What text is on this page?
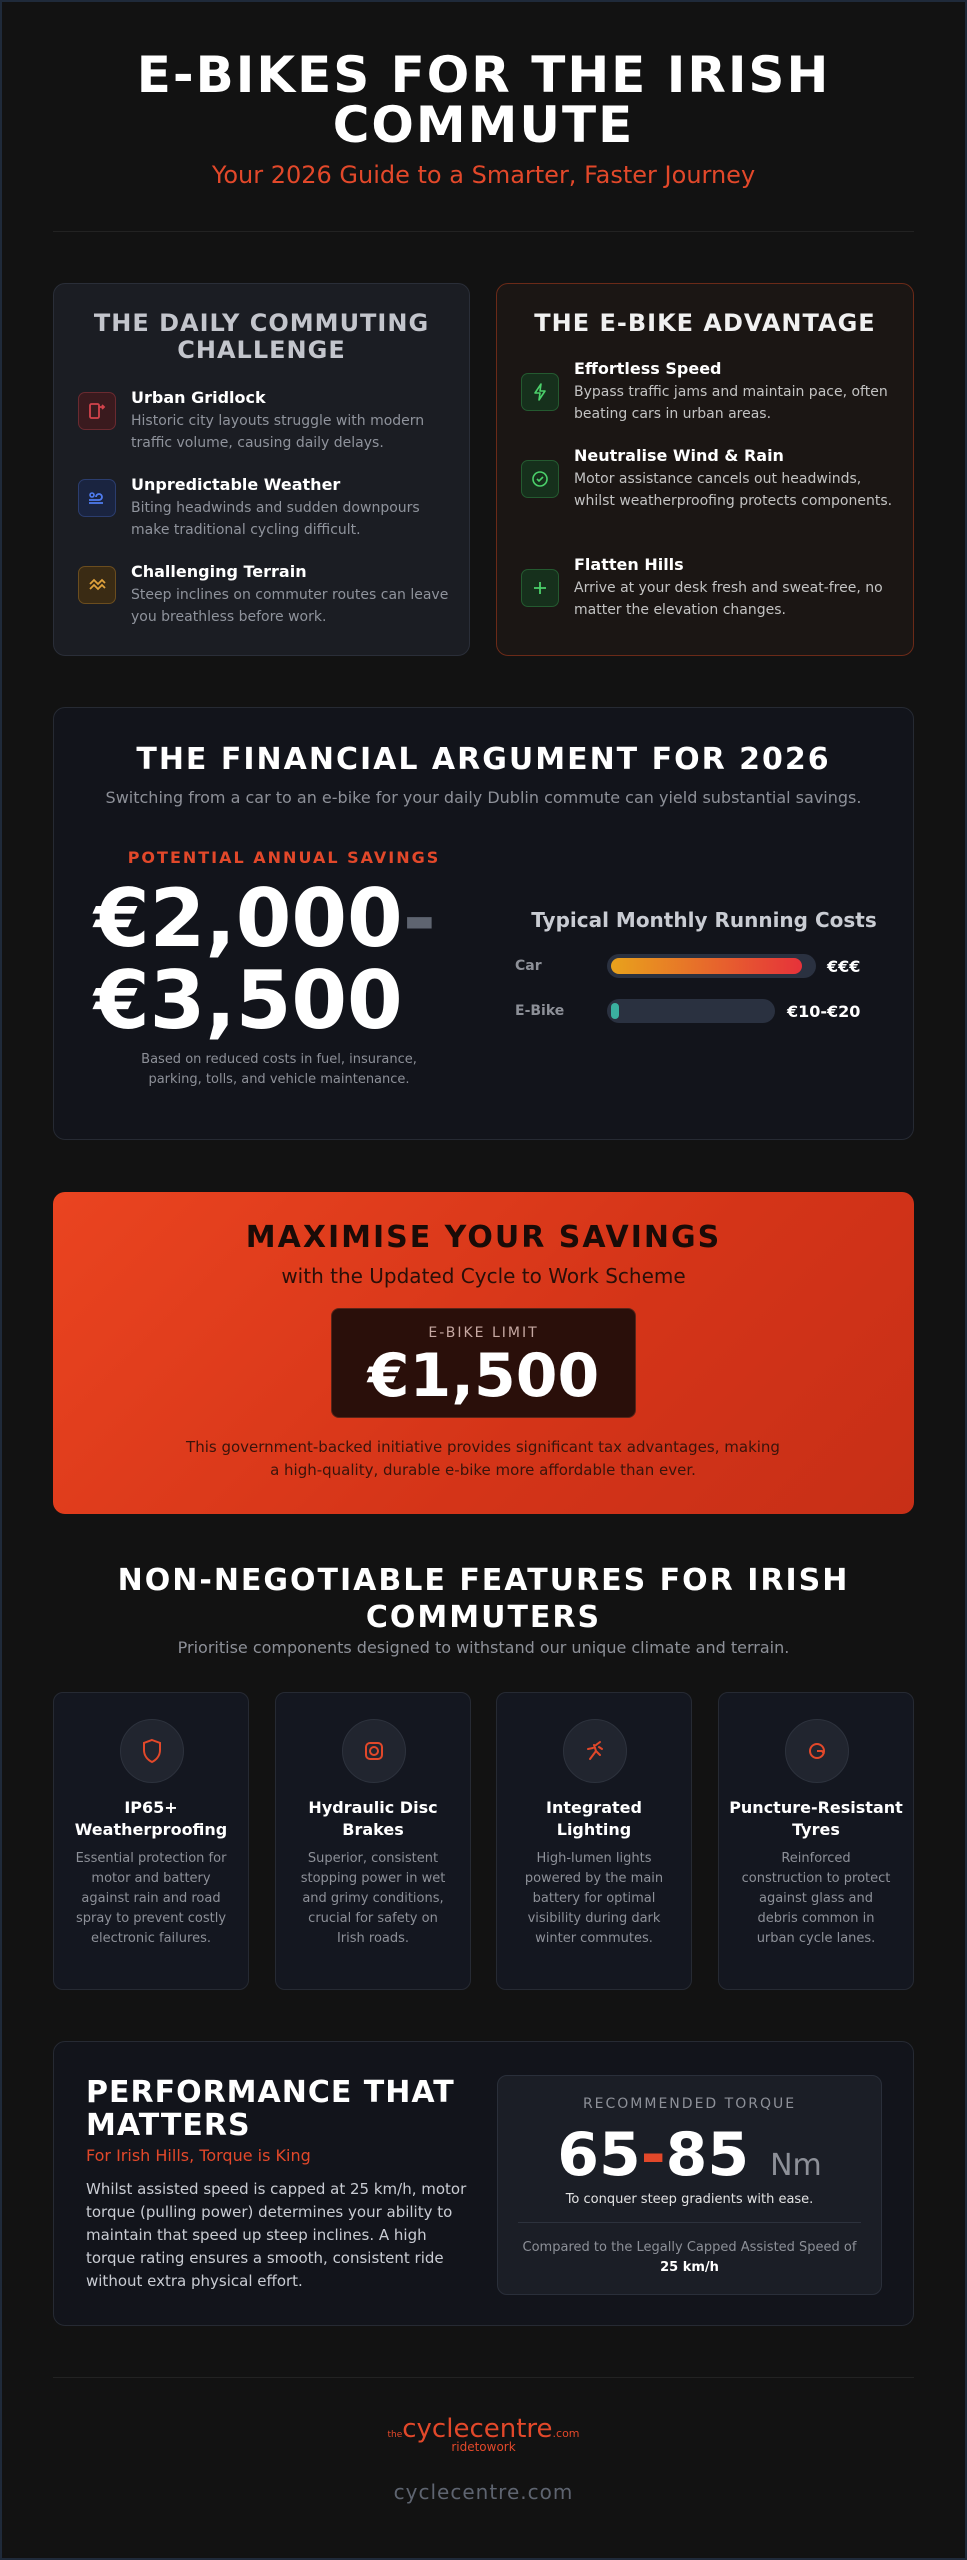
E-BIKES FOR THE IRISH COMMUTE
Your 2026 Guide to a Smarter, Faster Journey
THE DAILY COMMUTING CHALLENGE
Urban Gridlock
Historic city layouts struggle with modern traffic volume, causing daily delays.
Unpredictable Weather
Biting headwinds and sudden downpours make traditional cycling difficult.
Challenging Terrain
Steep inclines on commuter routes can leave you breathless before work.
THE E-BIKE ADVANTAGE
Effortless Speed
Bypass traffic jams and maintain pace, often beating cars in urban areas.
Neutralise Wind & Rain
Motor assistance cancels out headwinds, whilst weatherproofing protects components.
Flatten Hills
Arrive at your desk fresh and sweat-free, no matter the elevation changes.
THE FINANCIAL ARGUMENT FOR 2026
Switching from a car to an e-bike for your daily Dublin commute can yield substantial savings.
POTENTIAL ANNUAL SAVINGS
€2,000-
€3,500
Based on reduced costs in fuel, insurance, parking, tolls, and vehicle maintenance.
Typical Monthly Running Costs
Car	€€€
E-Bike	€10-€20
MAXIMISE YOUR SAVINGS
with the Updated Cycle to Work Scheme
E-BIKE LIMIT
€1,500
This government-backed initiative provides significant tax advantages, making a high-quality, durable e-bike more affordable than ever.
NON-NEGOTIABLE FEATURES FOR IRISH COMMUTERS
Prioritise components designed to withstand our unique climate and terrain.
IP65+ Weatherproofing
Essential protection for motor and battery against rain and road spray to prevent costly electronic failures.
Hydraulic Disc Brakes
Superior, consistent stopping power in wet and grimy conditions, crucial for safety on Irish roads.
Integrated Lighting
High-lumen lights powered by the main battery for optimal visibility during dark winter commutes.
Puncture-Resistant Tyres
Reinforced construction to protect against glass and debris common in urban cycle lanes.
PERFORMANCE THAT MATTERS
For Irish Hills, Torque is King
Whilst assisted speed is capped at 25 km/h, motor torque (pulling power) determines your ability to maintain that speed up steep inclines. A high torque rating ensures a smooth, consistent ride without extra physical effort.
RECOMMENDED TORQUE
65-85 Nm
To conquer steep gradients with ease.
Compared to the Legally Capped Assisted Speed of
25 km/h
thecyclecentre.com
ridetowork
cyclecentre.com
